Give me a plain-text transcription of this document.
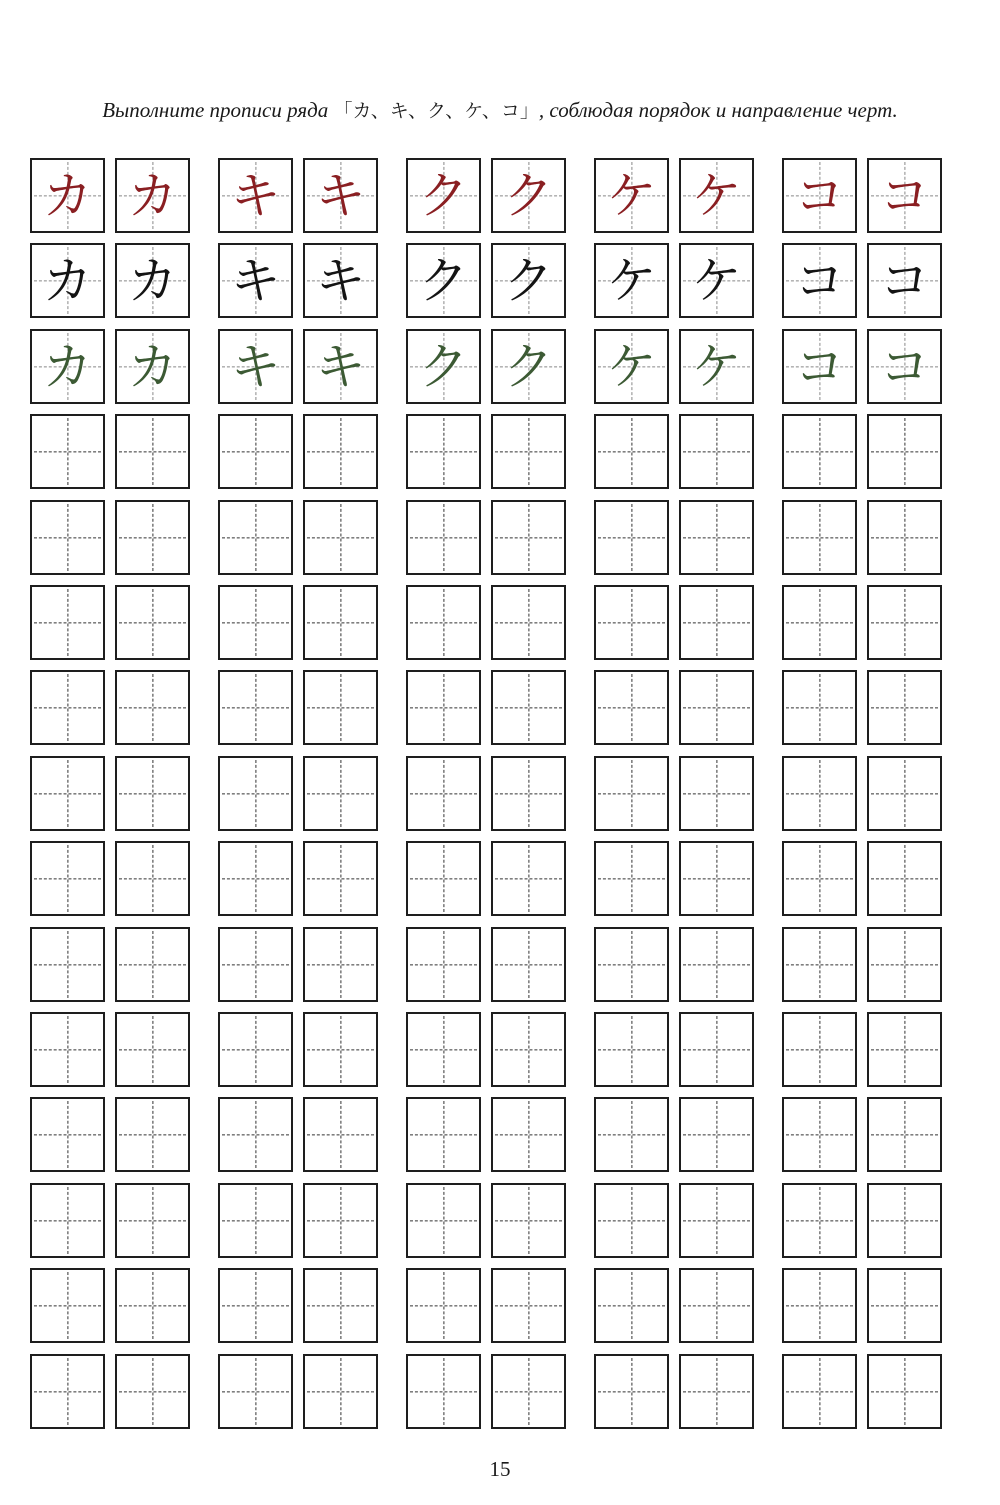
Выполните прописи ряда 「カ、キ、ク、ケ、コ」, соблюдая порядок и направление черт.
カ カ キ キ ク ク ケ ケ コ コ
カ カ キ キ ク ク ケ ケ コ コ
カ カ キ キ ク ク ケ ケ コ コ
15
